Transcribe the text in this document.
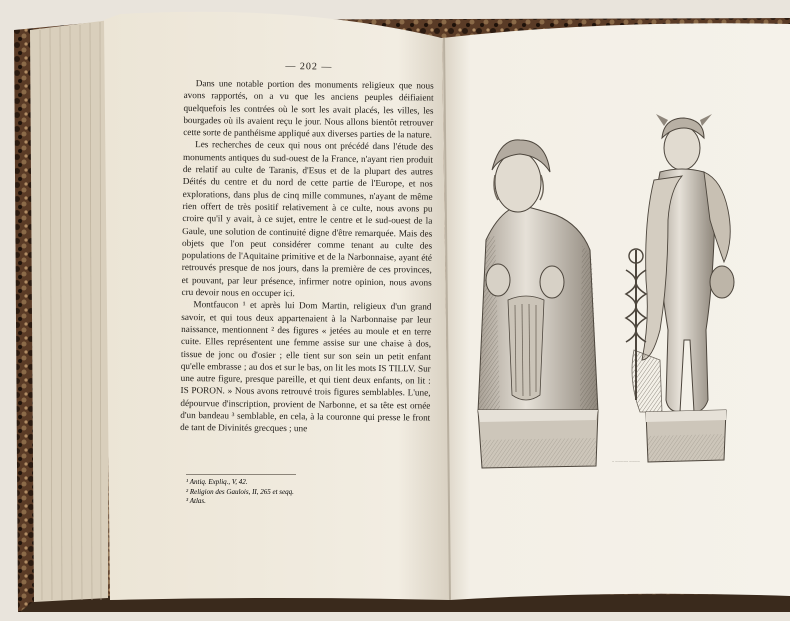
— 202 —

Dans une notable portion des monuments religieux que nous avons rapportés, on a vu que les anciens peuples déifiaient quelquefois les contrées où le sort les avait placés, les villes, les bourgades où ils avaient reçu le jour. Nous allons bientôt retrouver cette sorte de panthéisme appliqué aux diverses parties de la nature.

Les recherches de ceux qui nous ont précédé dans l'étude des monuments antiques du sud-ouest de la France, n'ayant rien produit de relatif au culte de Taranis, d'Esus et de la plupart des autres Déités du centre et du nord de cette partie de l'Europe, et nos explorations, dans plus de cinq mille communes, n'ayant de même rien offert de très positif relativement à ce culte, nous avons pu croire qu'il y avait, à ce sujet, entre le centre et le sud-ouest de la Gaule, une solution de continuité digne d'être remarquée. Mais des objets que l'on peut considérer comme tenant au culte des populations de l'Aquitaine primitive et de la Narbonnaise, ayant été retrouvés presque de nos jours, dans la première de ces provinces, et pouvant, par leur présence, infirmer notre opinion, nous avons cru devoir nous en occuper ici.

Montfaucon ¹ et après lui Dom Martin, religieux d'un grand savoir, et qui tous deux appartenaient à la Narbonnaise par leur naissance, mentionnent ² des figures « jetées au moule et en terre cuite. Elles représentent une femme assise sur une chaise à dos, tissue de jonc ou d'osier ; elle tient sur son sein un petit enfant qu'elle embrasse ; au dos et sur le bas, on lit les mots IS TILLV. Sur une autre figure, presque pareille, et qui tient deux enfants, on lit : IS PORON. » Nous avons retrouvé trois figures semblables. L'une, dépourvue d'inscription, provient de Narbonne, et sa tête est ornée d'un bandeau ³ semblable, en cela, à la couronne qui presse le front de tant de Divinités grecques ; une

¹ Antiq. Expliq., V, 42.
² Religion des Gaulois, II, 265 et seqq.
³ Atlas.
~ ~~~~~~ ~~~~~
